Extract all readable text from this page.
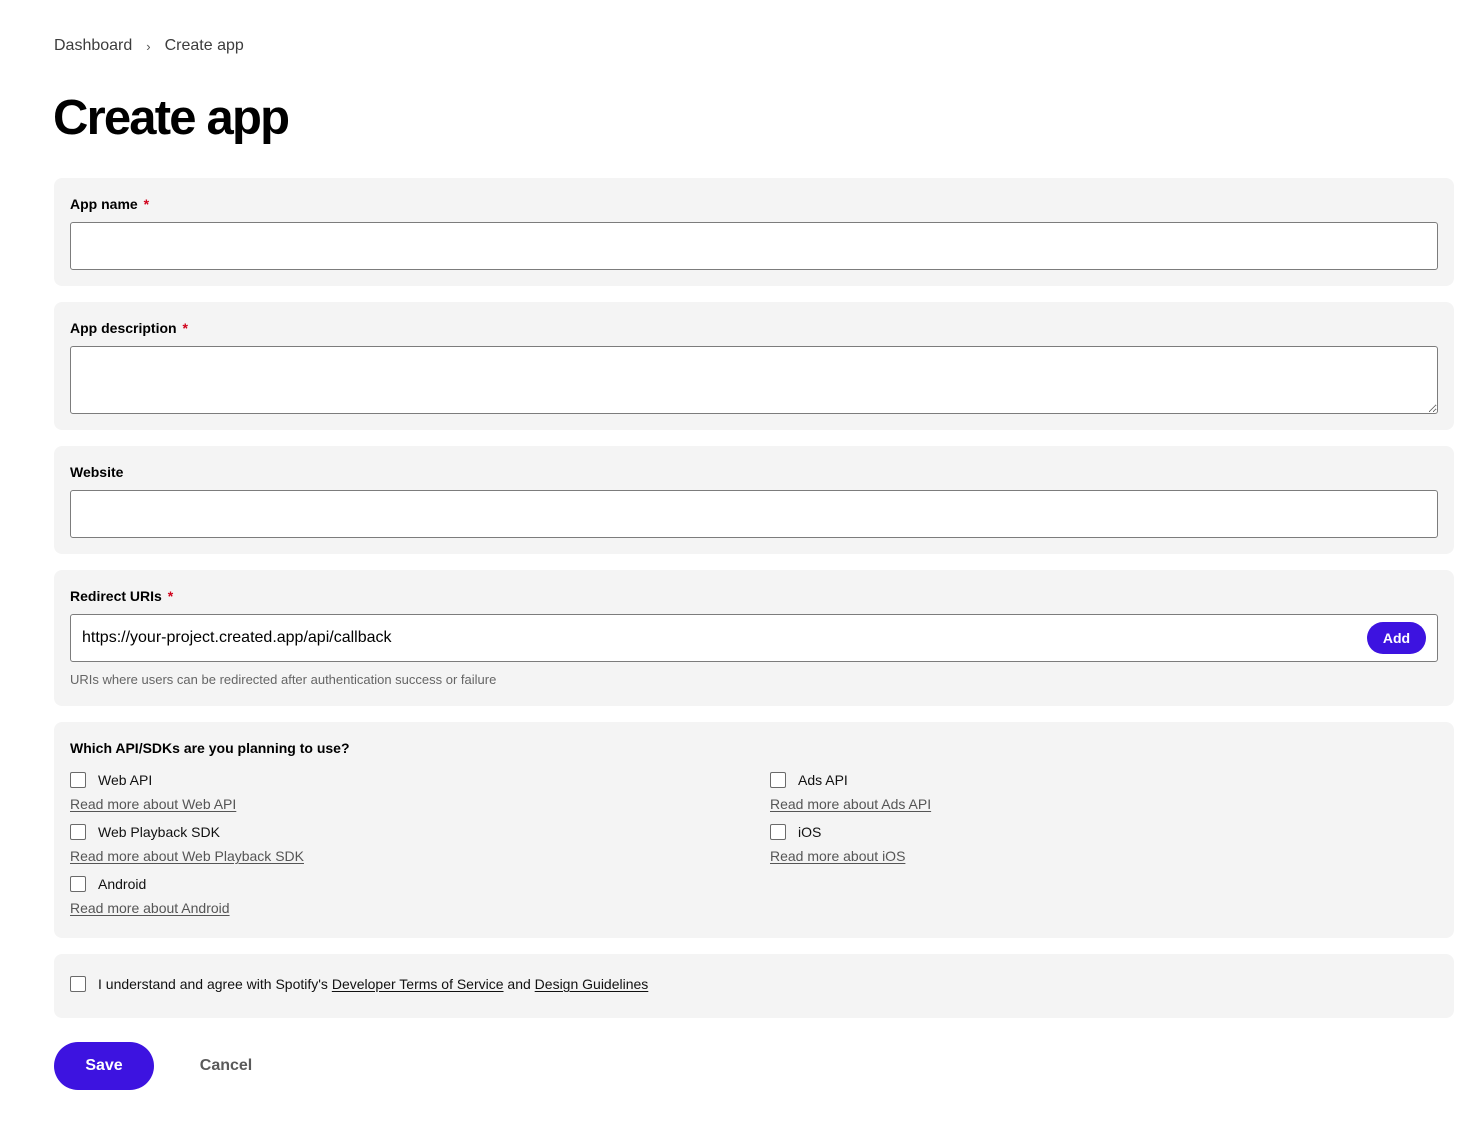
Dashboard › Create app
Create app
App name *
App description *
Website
Redirect URIs *
https://your-project.created.app/api/callback
Add
URIs where users can be redirected after authentication success or failure
Which API/SDKs are you planning to use?
Web API
Read more about Web API
Ads API
Read more about Ads API
Web Playback SDK
Read more about Web Playback SDK
iOS
Read more about iOS
Android
Read more about Android
I understand and agree with Spotify's Developer Terms of Service and Design Guidelines
Save	Cancel
